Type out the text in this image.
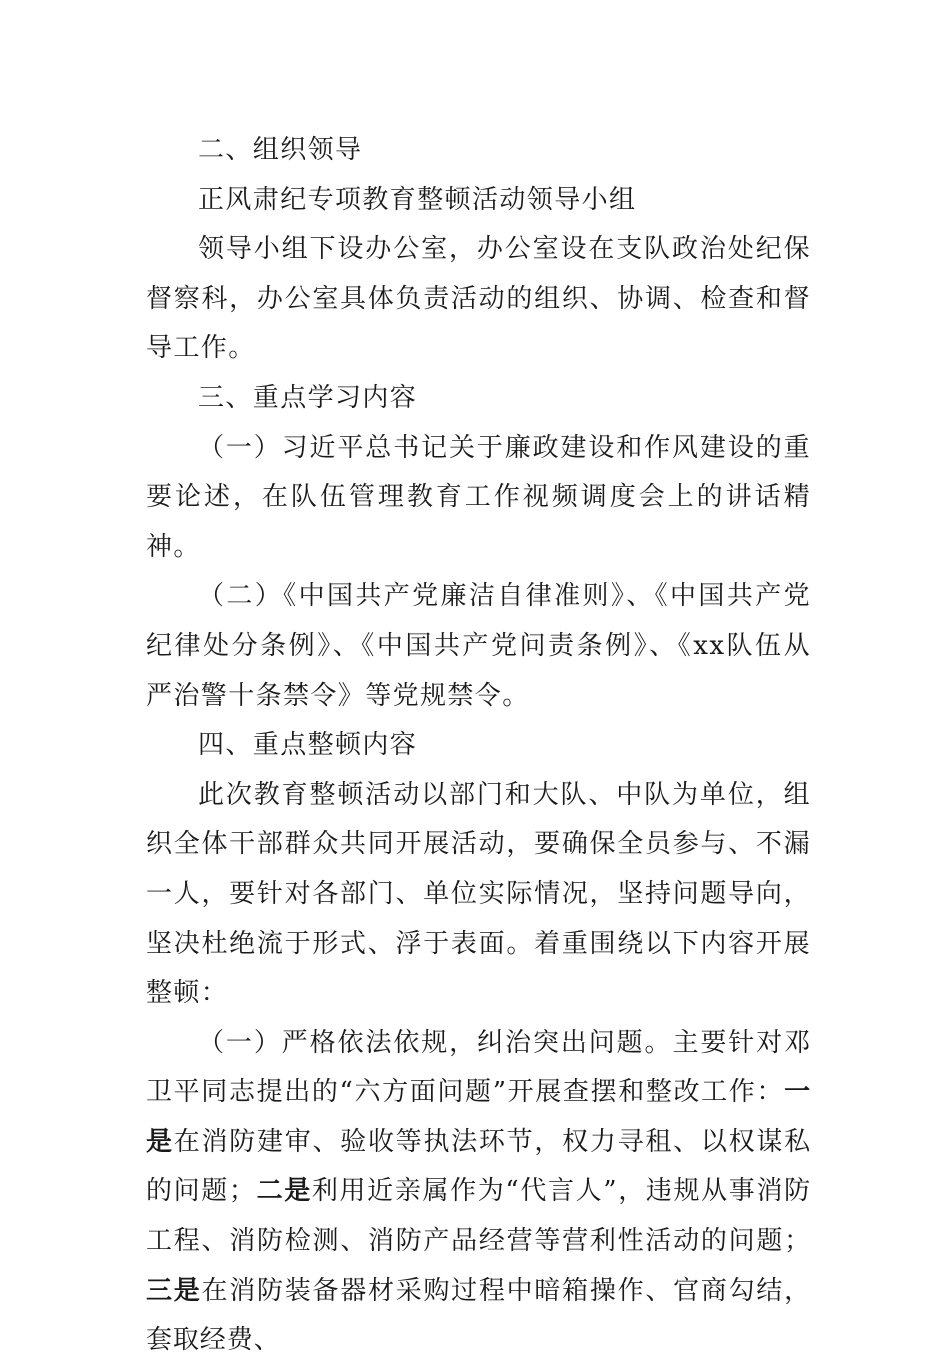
二、组织领导

正风肃纪专项教育整顿活动领导小组

领导小组下设办公室，办公室设在支队政治处纪保督察科，办公室具体负责活动的组织、协调、检查和督导工作。

三、重点学习内容

（一）习近平总书记关于廉政建设和作风建设的重要论述，在队伍管理教育工作视频调度会上的讲话精神。

（二）《中国共产党廉洁自律准则》、《中国共产党纪律处分条例》、《中国共产党问责条例》、《xx队伍从严治警十条禁令》等党规禁令。

四、重点整顿内容

此次教育整顿活动以部门和大队、中队为单位，组织全体干部群众共同开展活动，要确保全员参与、不漏一人，要针对各部门、单位实际情况，坚持问题导向，坚决杜绝流于形式、浮于表面。着重围绕以下内容开展整顿：

（一）严格依法依规，纠治突出问题。主要针对邓卫平同志提出的“六方面问题”开展查摆和整改工作：一是在消防建审、验收等执法环节，权力寻租、以权谋私的问题；二是利用近亲属作为“代言人”，违规从事消防工程、消防检测、消防产品经营等营利性活动的问题；三是在消防装备器材采购过程中暗箱操作、官商勾结，套取经费、
